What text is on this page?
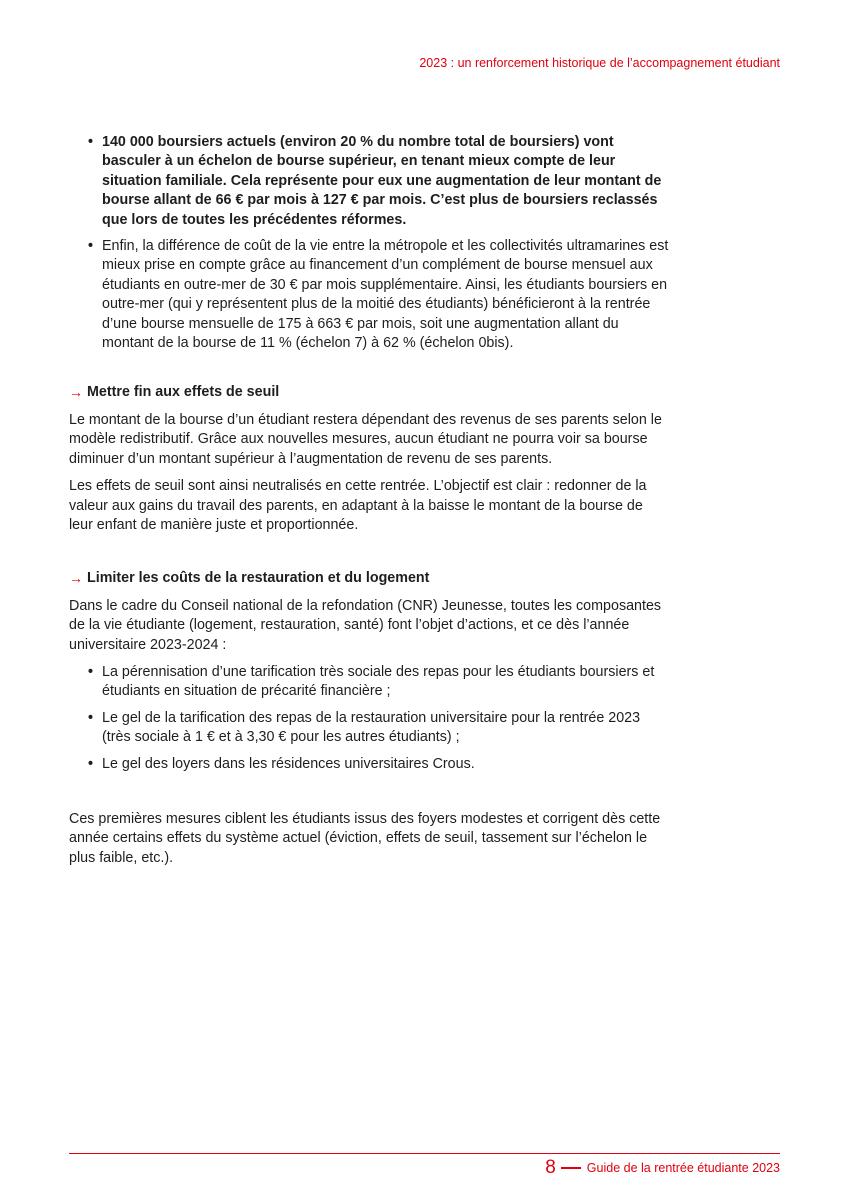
2023 : un renforcement historique de l’accompagnement étudiant
• 140 000 boursiers actuels (environ 20 % du nombre total de boursiers) vont basculer à un échelon de bourse supérieur, en tenant mieux compte de leur situation familiale. Cela représente pour eux une augmentation de leur montant de bourse allant de 66 € par mois à 127 € par mois. C’est plus de boursiers reclassés que lors de toutes les précédentes réformes.
• Enfin, la différence de coût de la vie entre la métropole et les collectivités ultramarines est mieux prise en compte grâce au financement d’un complément de bourse mensuel aux étudiants en outre-mer de 30 € par mois supplémentaire. Ainsi, les étudiants boursiers en outre-mer (qui y représentent plus de la moitié des étudiants) bénéficieront à la rentrée d’une bourse mensuelle de 175 à 663 € par mois, soit une augmentation allant du montant de la bourse de 11 % (échelon 7) à 62 % (échelon 0bis).
→ Mettre fin aux effets de seuil

Le montant de la bourse d’un étudiant restera dépendant des revenus de ses parents selon le modèle redistributif. Grâce aux nouvelles mesures, aucun étudiant ne pourra voir sa bourse diminuer d’un montant supérieur à l’augmentation de revenu de ses parents.

Les effets de seuil sont ainsi neutralisés en cette rentrée. L’objectif est clair : redonner de la valeur aux gains du travail des parents, en adaptant à la baisse le montant de la bourse de leur enfant de manière juste et proportionnée.

→ Limiter les coûts de la restauration et du logement

Dans le cadre du Conseil national de la refondation (CNR) Jeunesse, toutes les composantes de la vie étudiante (logement, restauration, santé) font l’objet d’actions, et ce dès l’année universitaire 2023-2024 :

• La pérennisation d’une tarification très sociale des repas pour les étudiants boursiers et étudiants en situation de précarité financière ;
• Le gel de la tarification des repas de la restauration universitaire pour la rentrée 2023 (très sociale à 1 € et à 3,30 € pour les autres étudiants) ;
• Le gel des loyers dans les résidences universitaires Crous.

Ces premières mesures ciblent les étudiants issus des foyers modestes et corrigent dès cette année certains effets du système actuel (éviction, effets de seuil, tassement sur l’échelon le plus faible, etc.).

8 Guide de la rentrée étudiante 2023
